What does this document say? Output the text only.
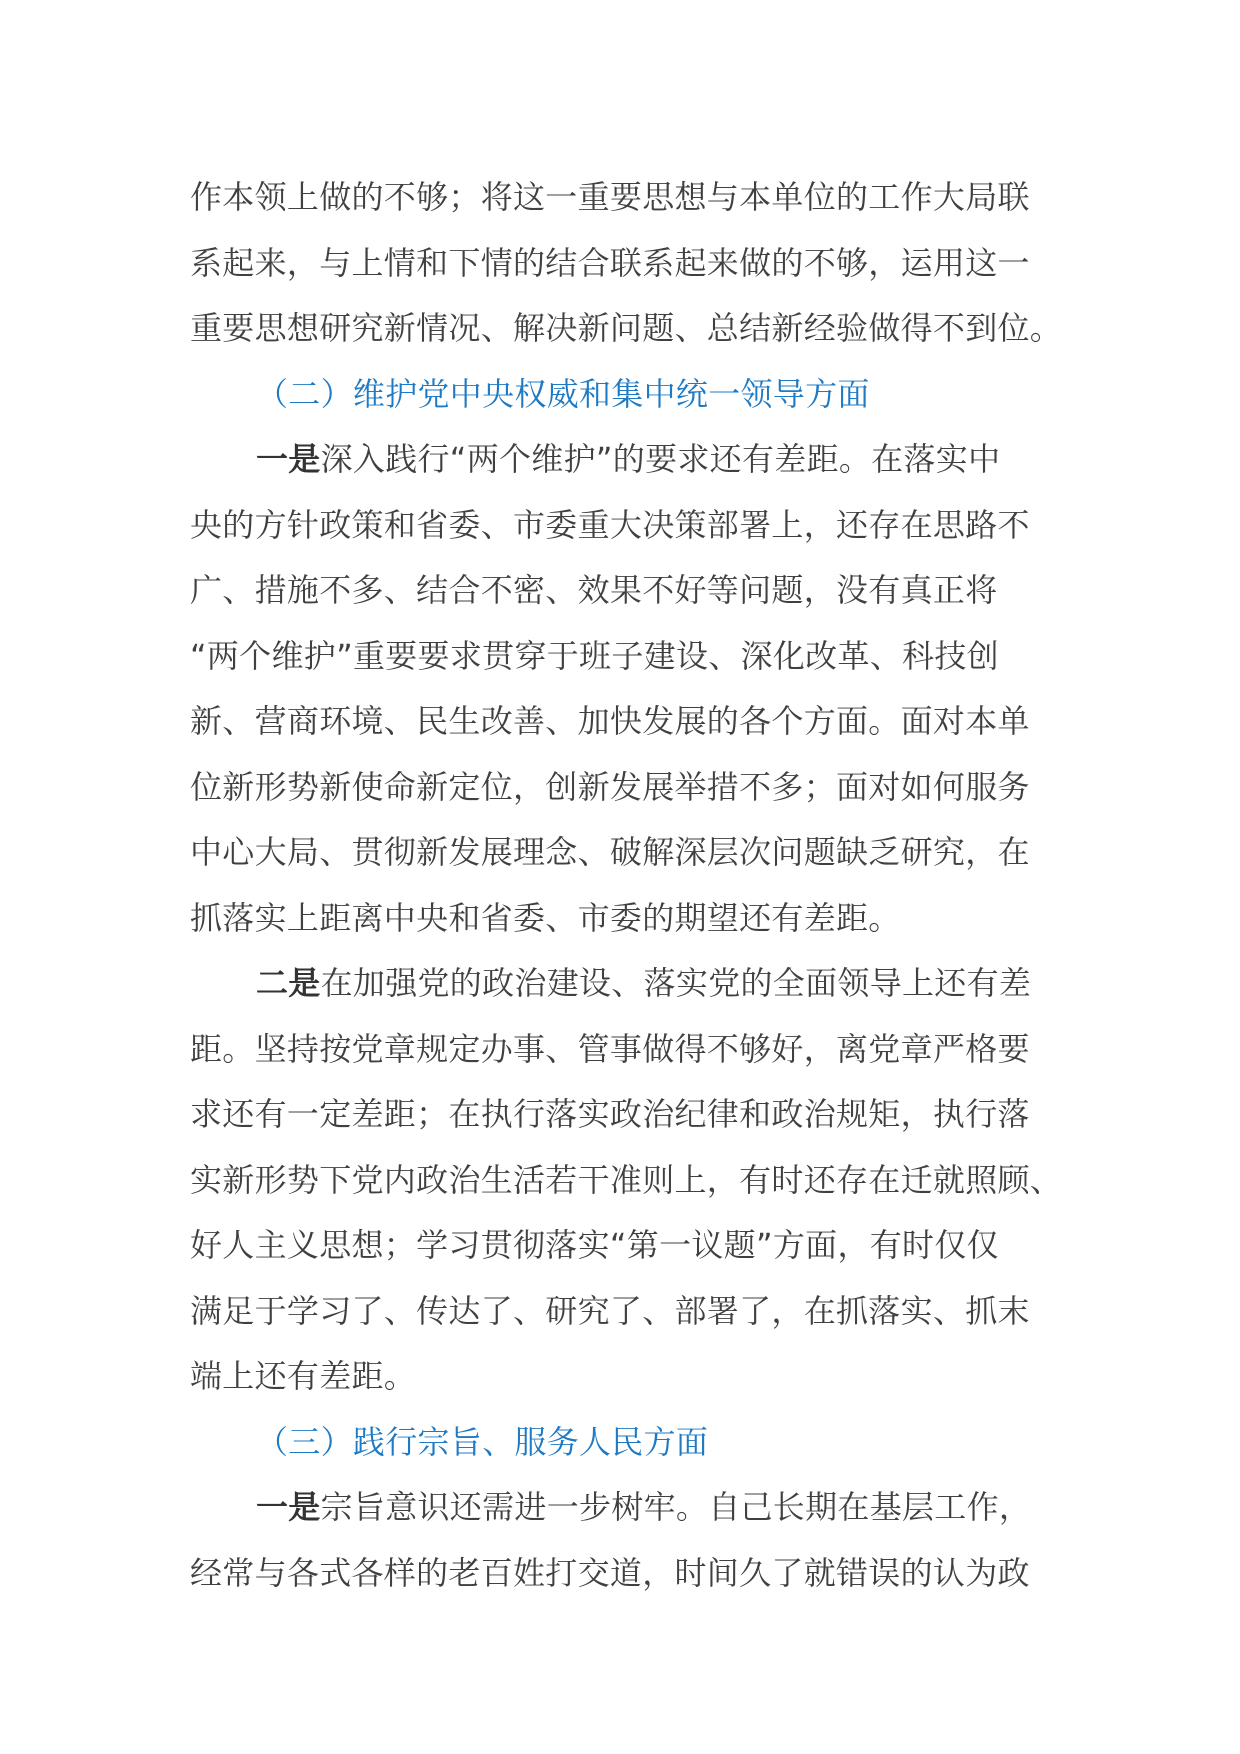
作本领上做的不够；将这一重要思想与本单位的工作大局联
系起来，与上情和下情的结合联系起来做的不够，运用这一
重要思想研究新情况、解决新问题、总结新经验做得不到位。
（二）维护党中央权威和集中统一领导方面
一是深入践行“两个维护”的要求还有差距。在落实中
央的方针政策和省委、市委重大决策部署上，还存在思路不
广、措施不多、结合不密、效果不好等问题，没有真正将
“两个维护”重要要求贯穿于班子建设、深化改革、科技创
新、营商环境、民生改善、加快发展的各个方面。面对本单
位新形势新使命新定位，创新发展举措不多；面对如何服务
中心大局、贯彻新发展理念、破解深层次问题缺乏研究，在
抓落实上距离中央和省委、市委的期望还有差距。
二是在加强党的政治建设、落实党的全面领导上还有差
距。坚持按党章规定办事、管事做得不够好，离党章严格要
求还有一定差距；在执行落实政治纪律和政治规矩，执行落
实新形势下党内政治生活若干准则上，有时还存在迁就照顾、
好人主义思想；学习贯彻落实“第一议题”方面，有时仅仅
满足于学习了、传达了、研究了、部署了，在抓落实、抓末
端上还有差距。
（三）践行宗旨、服务人民方面
一是宗旨意识还需进一步树牢。自己长期在基层工作，
经常与各式各样的老百姓打交道，时间久了就错误的认为政
